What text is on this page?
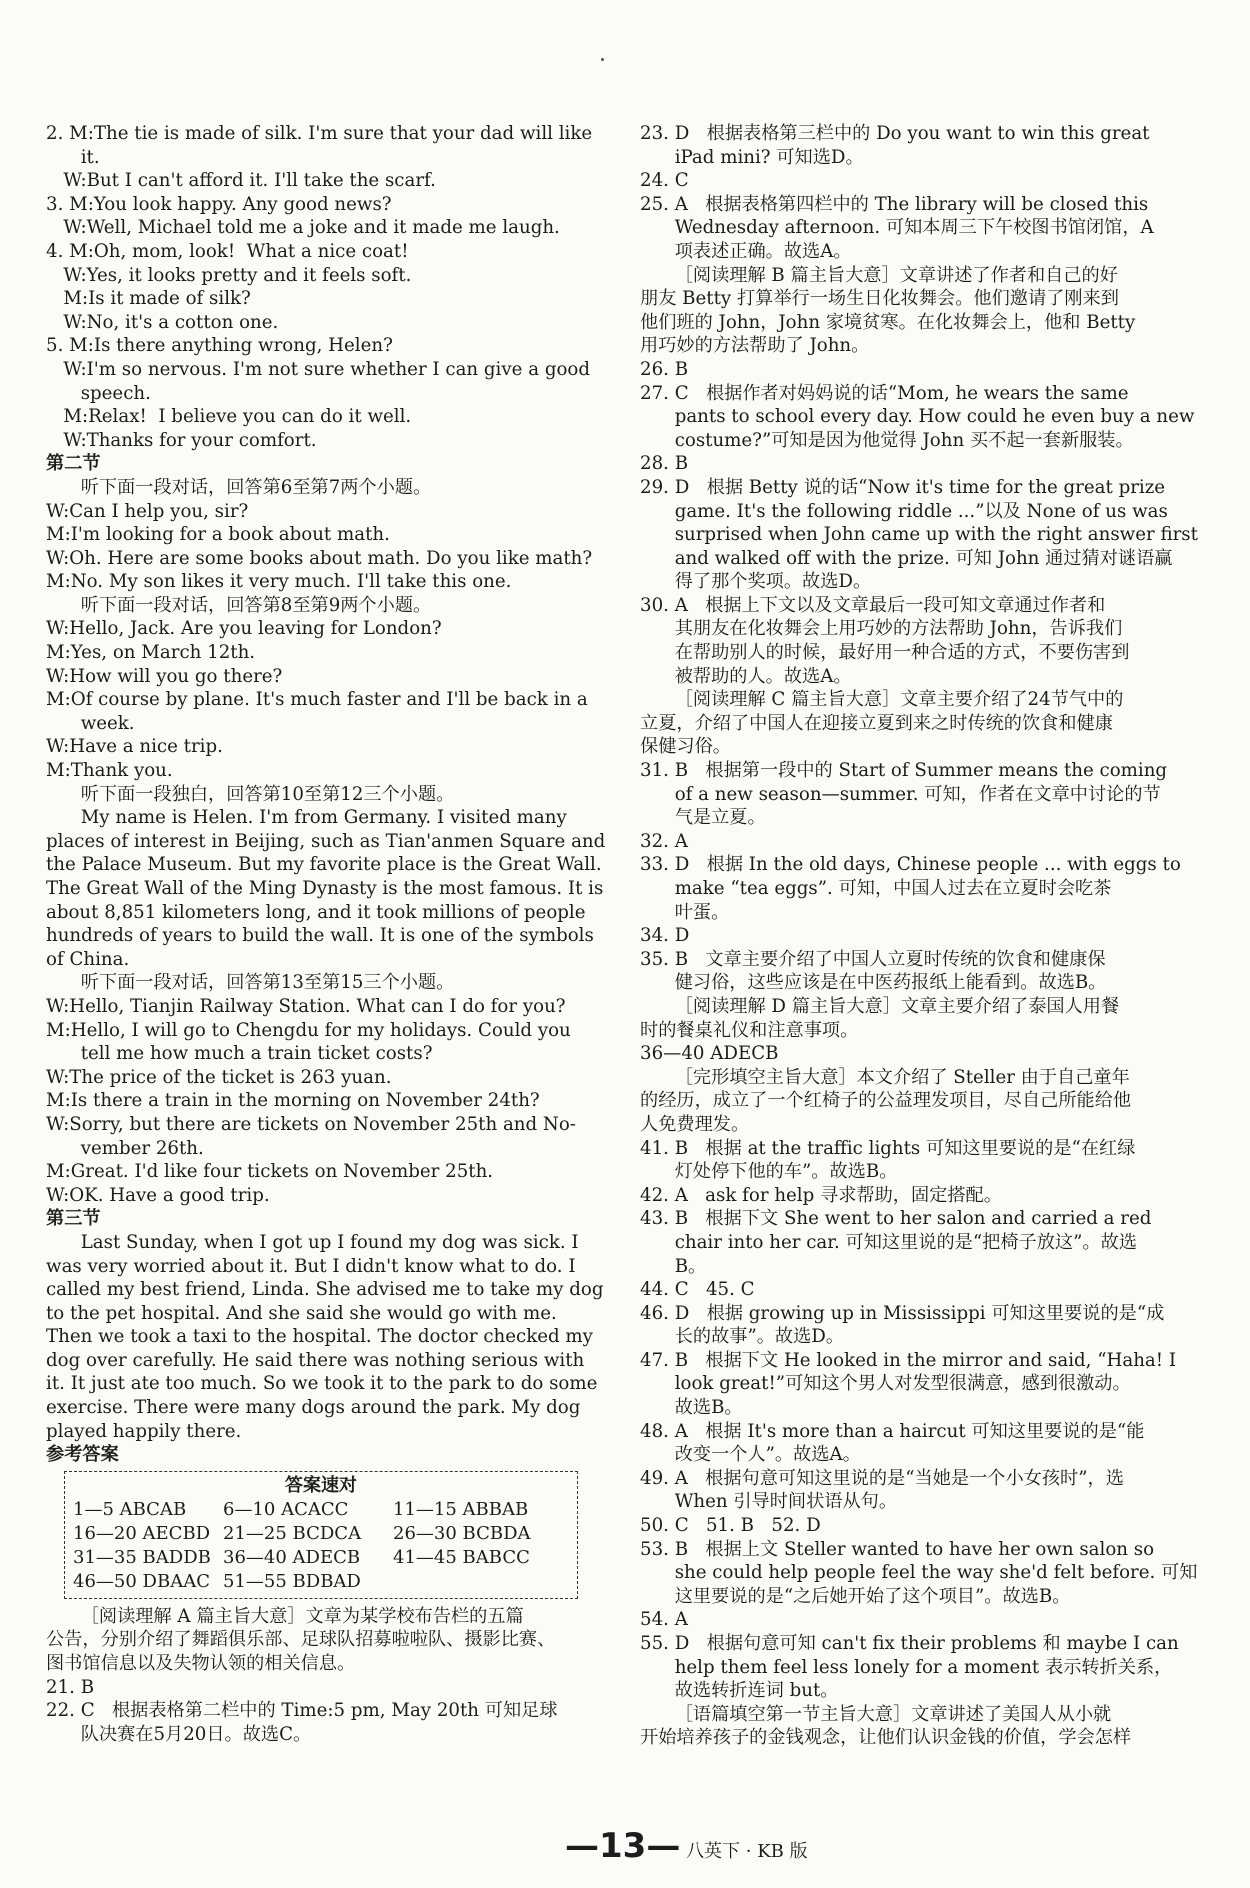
2. M:The tie is made of silk. I'm sure that your dad will like
it.
W:But I can't afford it. I'll take the scarf.
3. M:You look happy. Any good news?
W:Well, Michael told me a joke and it made me laugh.
4. M:Oh, mom, look!  What a nice coat!
W:Yes, it looks pretty and it feels soft.
M:Is it made of silk?
W:No, it's a cotton one.
5. M:Is there anything wrong, Helen?
W:I'm so nervous. I'm not sure whether I can give a good
speech.
M:Relax!  I believe you can do it well.
W:Thanks for your comfort.
第二节
听下面一段对话，回答第6至第7两个小题。
W:Can I help you, sir?
M:I'm looking for a book about math.
W:Oh. Here are some books about math. Do you like math?
M:No. My son likes it very much. I'll take this one.
听下面一段对话，回答第8至第9两个小题。
W:Hello, Jack. Are you leaving for London?
M:Yes, on March 12th.
W:How will you go there?
M:Of course by plane. It's much faster and I'll be back in a
week.
W:Have a nice trip.
M:Thank you.
听下面一段独白，回答第10至第12三个小题。
My name is Helen. I'm from Germany. I visited many
places of interest in Beijing, such as Tian'anmen Square and
the Palace Museum. But my favorite place is the Great Wall.
The Great Wall of the Ming Dynasty is the most famous. It is
about 8,851 kilometers long, and it took millions of people
hundreds of years to build the wall. It is one of the symbols
of China.
听下面一段对话，回答第13至第15三个小题。
W:Hello, Tianjin Railway Station. What can I do for you?
M:Hello, I will go to Chengdu for my holidays. Could you
tell me how much a train ticket costs?
W:The price of the ticket is 263 yuan.
M:Is there a train in the morning on November 24th?
W:Sorry, but there are tickets on November 25th and No-
vember 26th.
M:Great. I'd like four tickets on November 25th.
W:OK. Have a good trip.
第三节
Last Sunday, when I got up I found my dog was sick. I
was very worried about it. But I didn't know what to do. I
called my best friend, Linda. She advised me to take my dog
to the pet hospital. And she said she would go with me.
Then we took a taxi to the hospital. The doctor checked my
dog over carefully. He said there was nothing serious with
it. It just ate too much. So we took it to the park to do some
exercise. There were many dogs around the park. My dog
played happily there.
参考答案
答案速对
1—5 ABCAB	6—10 ACACC	11—15 ABBAB
16—20 AECBD 21—25 BCDCA	26—30 BCBDA
31—35 BADDB 36—40 ADECB	41—45 BABCC
46—50 DBAAC 51—55 BDBAD
［阅读理解 A 篇主旨大意］文章为某学校布告栏的五篇
公告，分别介绍了舞蹈俱乐部、足球队招募啦啦队、摄影比赛、
图书馆信息以及失物认领的相关信息。
21. B
22. C   根据表格第二栏中的 Time:5 pm, May 20th 可知足球
队决赛在5月20日。故选C。
23. D   根据表格第三栏中的 Do you want to win this great
iPad mini? 可知选D。
24. C
25. A   根据表格第四栏中的 The library will be closed this
Wednesday afternoon. 可知本周三下午校图书馆闭馆，A
项表述正确。故选A。
［阅读理解 B 篇主旨大意］文章讲述了作者和自己的好
朋友 Betty 打算举行一场生日化妆舞会。他们邀请了刚来到
他们班的 John，John 家境贫寒。在化妆舞会上，他和 Betty
用巧妙的方法帮助了 John。
26. B
27. C   根据作者对妈妈说的话“Mom, he wears the same
pants to school every day. How could he even buy a new
costume?”可知是因为他觉得 John 买不起一套新服装。
28. B
29. D   根据 Betty 说的话“Now it's time for the great prize
game. It's the following riddle ...”以及 None of us was
surprised when John came up with the right answer first
and walked off with the prize. 可知 John 通过猜对谜语赢
得了那个奖项。故选D。
30. A   根据上下文以及文章最后一段可知文章通过作者和
其朋友在化妆舞会上用巧妙的方法帮助 John，告诉我们
在帮助别人的时候，最好用一种合适的方式，不要伤害到
被帮助的人。故选A。
［阅读理解 C 篇主旨大意］文章主要介绍了24节气中的
立夏，介绍了中国人在迎接立夏到来之时传统的饮食和健康
保健习俗。
31. B   根据第一段中的 Start of Summer means the coming
of a new season—summer. 可知，作者在文章中讨论的节
气是立夏。
32. A
33. D   根据 In the old days, Chinese people ... with eggs to
make “tea eggs”. 可知，中国人过去在立夏时会吃茶
叶蛋。
34. D
35. B   文章主要介绍了中国人立夏时传统的饮食和健康保
健习俗，这些应该是在中医药报纸上能看到。故选B。
［阅读理解 D 篇主旨大意］文章主要介绍了泰国人用餐
时的餐桌礼仪和注意事项。
36—40 ADECB
［完形填空主旨大意］本文介绍了 Steller 由于自己童年
的经历，成立了一个红椅子的公益理发项目，尽自己所能给他
人免费理发。
41. B   根据 at the traffic lights 可知这里要说的是“在红绿
灯处停下他的车”。故选B。
42. A   ask for help 寻求帮助，固定搭配。
43. B   根据下文 She went to her salon and carried a red
chair into her car. 可知这里说的是“把椅子放这”。故选
B。
44. C   45. C
46. D   根据 growing up in Mississippi 可知这里要说的是“成
长的故事”。故选D。
47. B   根据下文 He looked in the mirror and said, “Haha! I
look great!”可知这个男人对发型很满意，感到很激动。
故选B。
48. A   根据 It's more than a haircut 可知这里要说的是“能
改变一个人”。故选A。
49. A   根据句意可知这里说的是“当她是一个小女孩时”，选
When 引导时间状语从句。
50. C   51. B   52. D
53. B   根据上文 Steller wanted to have her own salon so
she could help people feel the way she'd felt before. 可知
这里要说的是“之后她开始了这个项目”。故选B。
54. A
55. D   根据句意可知 can't fix their problems 和 maybe I can
help them feel less lonely for a moment 表示转折关系，
故选转折连词 but。
［语篇填空第一节主旨大意］文章讲述了美国人从小就
开始培养孩子的金钱观念，让他们认识金钱的价值，学会怎样
—13— 八英下 · KB 版
